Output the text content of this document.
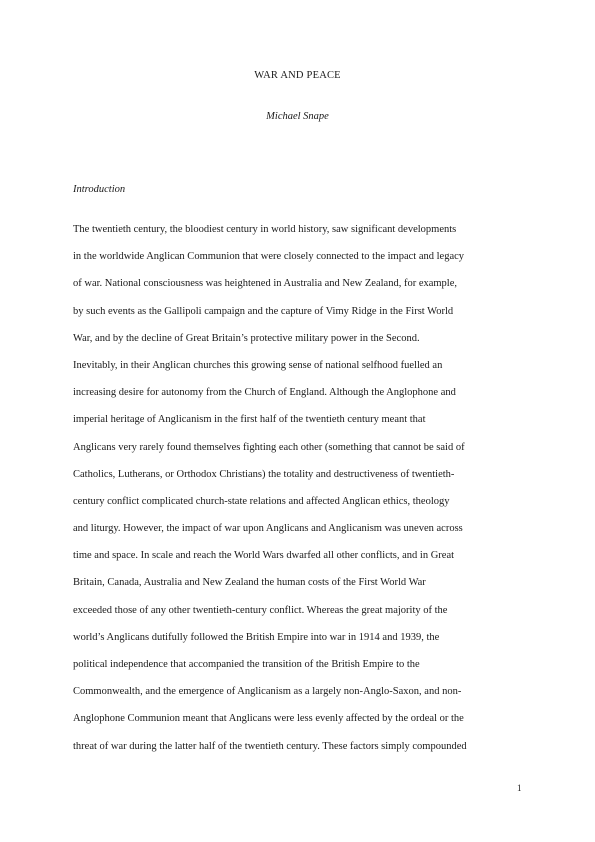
WAR AND PEACE

Michael Snape

Introduction

The twentieth century, the bloodiest century in world history, saw significant developments
in the worldwide Anglican Communion that were closely connected to the impact and legacy
of war. National consciousness was heightened in Australia and New Zealand, for example,
by such events as the Gallipoli campaign and the capture of Vimy Ridge in the First World
War, and by the decline of Great Britain’s protective military power in the Second.
Inevitably, in their Anglican churches this growing sense of national selfhood fuelled an
increasing desire for autonomy from the Church of England. Although the Anglophone and
imperial heritage of Anglicanism in the first half of the twentieth century meant that
Anglicans very rarely found themselves fighting each other (something that cannot be said of
Catholics, Lutherans, or Orthodox Christians) the totality and destructiveness of twentieth-
century conflict complicated church-state relations and affected Anglican ethics, theology
and liturgy. However, the impact of war upon Anglicans and Anglicanism was uneven across
time and space. In scale and reach the World Wars dwarfed all other conflicts, and in Great
Britain, Canada, Australia and New Zealand the human costs of the First World War
exceeded those of any other twentieth-century conflict. Whereas the great majority of the
world’s Anglicans dutifully followed the British Empire into war in 1914 and 1939, the
political independence that accompanied the transition of the British Empire to the
Commonwealth, and the emergence of Anglicanism as a largely non-Anglo-Saxon, and non-
Anglophone Communion meant that Anglicans were less evenly affected by the ordeal or the
threat of war during the latter half of the twentieth century. These factors simply compounded

1
